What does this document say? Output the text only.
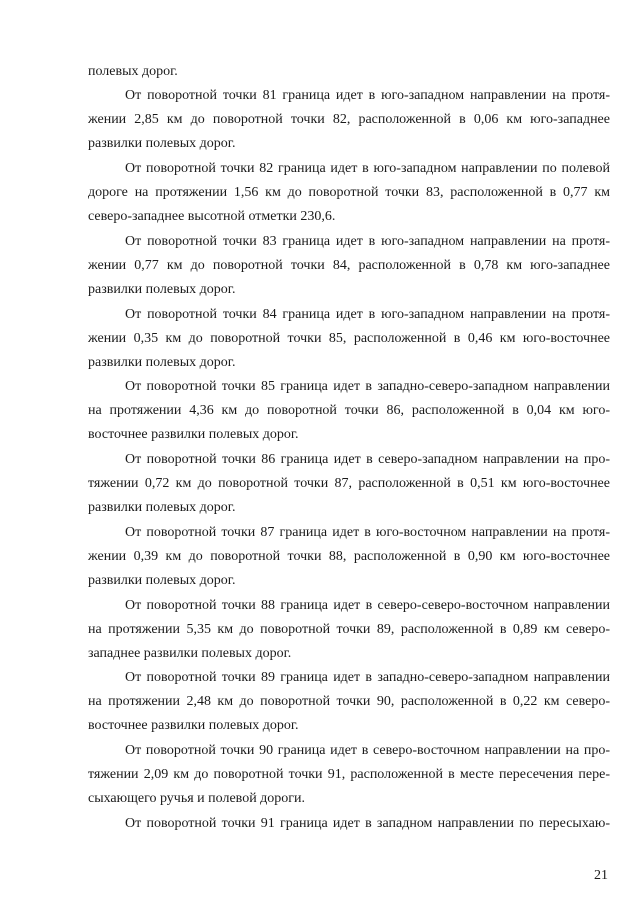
полевых дорог.

От поворотной точки 81 граница идет в юго-западном направлении на протя-
жении 2,85 км до поворотной точки 82, расположенной в 0,06 км юго-западнее
развилки полевых дорог.

От поворотной точки 82 граница идет в юго-западном направлении по полевой
дороге на протяжении 1,56 км до поворотной точки 83, расположенной в 0,77 км
северо-западнее высотной отметки 230,6.

От поворотной точки 83 граница идет в юго-западном направлении на протя-
жении 0,77 км до поворотной точки 84, расположенной в 0,78 км юго-западнее
развилки полевых дорог.

От поворотной точки 84 граница идет в юго-западном направлении на протя-
жении 0,35 км до поворотной точки 85, расположенной в 0,46 км юго-восточнее
развилки полевых дорог.

От поворотной точки 85 граница идет в западно-северо-западном направлении
на протяжении 4,36 км до поворотной точки 86, расположенной в 0,04 км юго-
восточнее развилки полевых дорог.

От поворотной точки 86 граница идет в северо-западном направлении на про-
тяжении 0,72 км до поворотной точки 87, расположенной в 0,51 км юго-восточнее
развилки полевых дорог.

От поворотной точки 87 граница идет в юго-восточном направлении на протя-
жении 0,39 км до поворотной точки 88, расположенной в 0,90 км юго-восточнее
развилки полевых дорог.

От поворотной точки 88 граница идет в северо-северо-восточном направлении
на протяжении 5,35 км до поворотной точки 89, расположенной в 0,89 км северо-
западнее развилки полевых дорог.

От поворотной точки 89 граница идет в западно-северо-западном направлении
на протяжении 2,48 км до поворотной точки 90, расположенной в 0,22 км северо-
восточнее развилки полевых дорог.

От поворотной точки 90 граница идет в северо-восточном направлении на про-
тяжении 2,09 км до поворотной точки 91, расположенной в месте пересечения пере-
сыхающего ручья и полевой дороги.

От поворотной точки 91 граница идет в западном направлении по пересыхаю-

21
